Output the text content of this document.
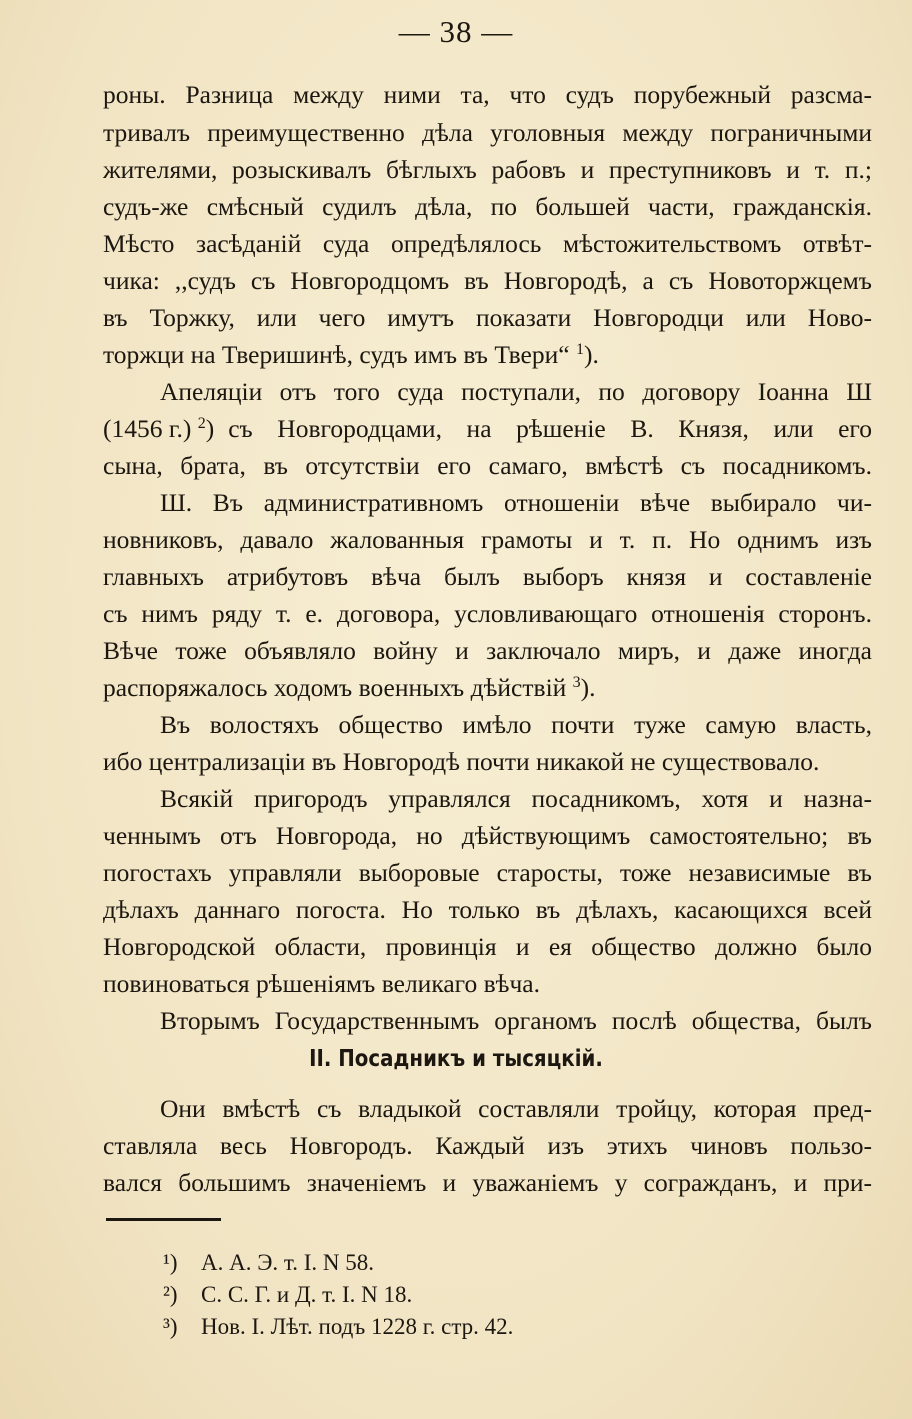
— 38 —
роны. Разница между ними та, что судъ порубежный разсма-
тривалъ преимущественно дѣла уголовныя между пограничными
жителями, розыскивалъ бѣглыхъ рабовъ и преступниковъ и т. п.;
судъ-же смѣсный судилъ дѣла, по большей части, гражданскія.
Мѣсто засѣданій суда опредѣлялось мѣстожительствомъ отвѣт-
чика: ,,судъ съ Новгородцомъ въ Новгородѣ, а съ Новоторжцемъ
въ Торжку, или чего имутъ показати Новгородци или Ново-
торжци на Тверишинѣ, судъ имъ въ Твери“ $^1$).
Апеляціи отъ того суда поступали, по договору Іоанна Ш
(1456 г.) $^2$) съ Новгородцами, на рѣшеніе В. Князя, или его
сына, брата, въ отсутствіи его самаго, вмѣстѣ съ посадникомъ.
Ш. Въ административномъ отношеніи вѣче выбирало чи-
новниковъ, давало жалованныя грамоты и т. п. Но однимъ изъ
главныхъ атрибутовъ вѣча былъ выборъ князя и составленіе
съ нимъ ряду т. е. договора, условливающаго отношенія сторонъ.
Вѣче тоже объявляло войну и заключало миръ, и даже иногда
распоряжалось ходомъ военныхъ дѣйствій $^3$).
Въ волостяхъ общество имѣло почти туже самую власть,
ибо централизаціи въ Новгородѣ почти никакой не существовало.
Всякій пригородъ управлялся посадникомъ, хотя и назна-
ченнымъ отъ Новгорода, но дѣйствующимъ самостоятельно; въ
погостахъ управляли выборовые старосты, тоже независимые въ
дѣлахъ даннаго погоста. Но только въ дѣлахъ, касающихся всей
Новгородской области, провинція и ея общество должно было
повиноваться рѣшеніямъ великаго вѣча.
Вторымъ Государственнымъ органомъ послѣ общества, былъ
II. Посадникъ и тысяцкій.
Они вмѣстѣ съ владыкой составляли тройцу, которая пред-
ставляла весь Новгородъ. Каждый изъ этихъ чиновъ пользо-
вался большимъ значеніемъ и уважаніемъ у согражданъ, и при-
¹) А. А. Э. т. I. N 58.
²) С. С. Г. и Д. т. I. N 18.
³) Нов. I. Лѣт. подъ 1228 г. стр. 42.
